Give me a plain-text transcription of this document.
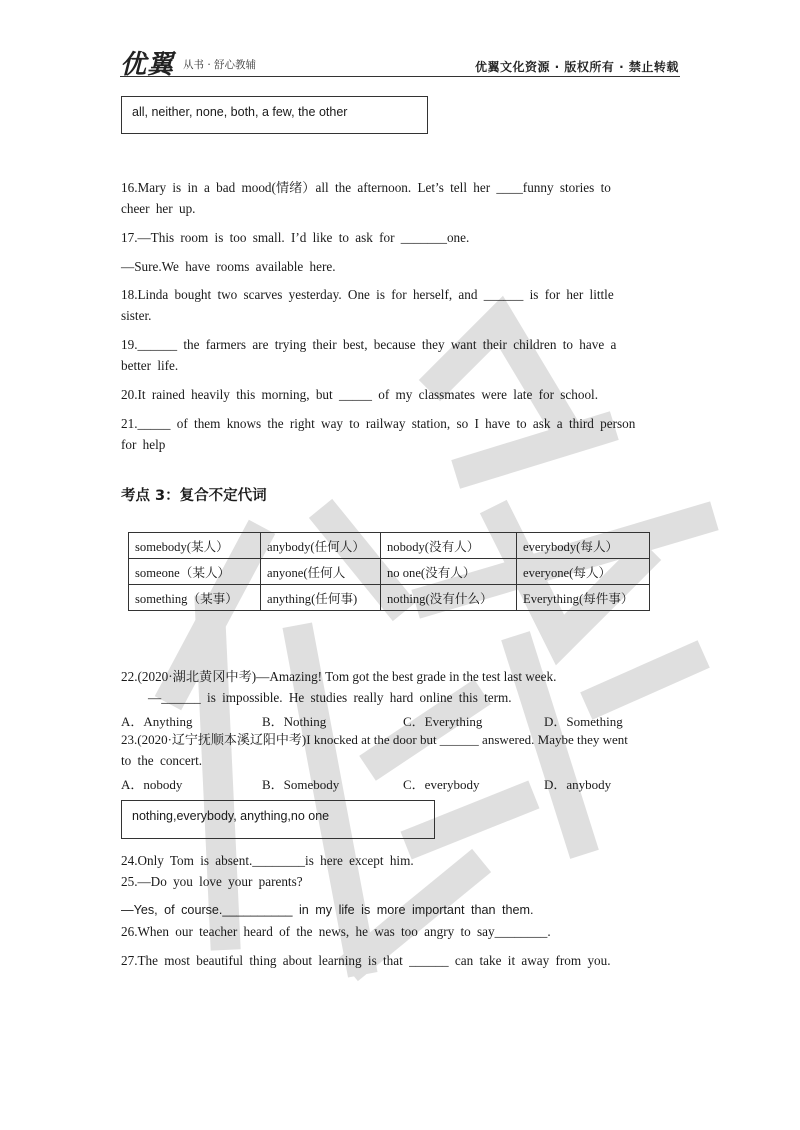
优翼 从书 · 舒心教辅	优翼文化资源 · 版权所有 · 禁止转载
all, neither, none, both, a few, the other
16.Mary is in a bad mood(情绪）all the afternoon. Let’s tell her ____funny stories to
cheer her up.
17.—This room is too small. I’d like to ask for _______one.
—Sure.We have rooms available here.
18.Linda bought two scarves yesterday. One is for herself, and ______ is for her little
sister.
19.______ the farmers are trying their best, because they want their children to have a
better life.
20.It rained heavily this morning, but _____ of my classmates were late for school.
21._____ of them knows the right way to railway station, so I have to ask a third person
for help
考点 3：复合不定代词
somebody(某人）	anybody(任何人）	nobody(没有人）	everybody(每人）
someone（某人）	anyone(任何人	no one(没有人）	everyone(每人）
something（某事）	anything(任何事)	nothing(没有什么）	Everything(每件事）
22.(2020·湖北黄冈中考)—Amazing! Tom got the best grade in the test last week.
—______ is impossible. He studies really hard online this term.
A．Anything	B．Nothing	C．Everything	D．Something
23.(2020·辽宁抚顺本溪辽阳中考)I knocked at the door but ______ answered. Maybe they went
to the concert.
A．nobody	B．Somebody	C．everybody	D．anybody
nothing,everybody, anything,no one
24.Only Tom is absent.________is here except him.
25.—Do you love your parents?
—Yes, of course.__________ in my life is more important than them.
26.When our teacher heard of the news, he was too angry to say________.
27.The most beautiful thing about learning is that ______ can take it away from you.
